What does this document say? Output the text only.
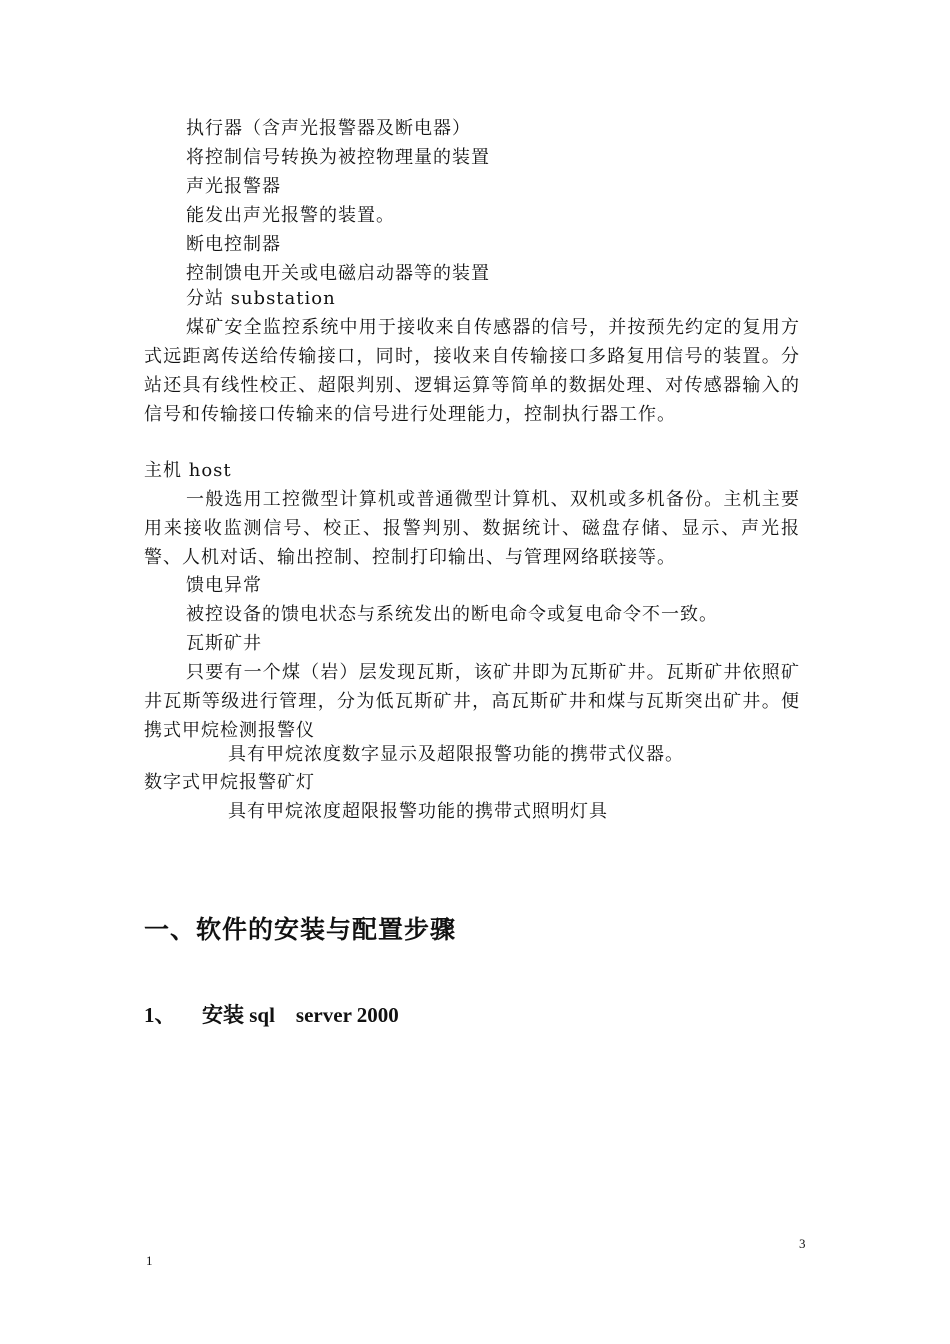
执行器（含声光报警器及断电器）

将控制信号转换为被控物理量的装置

声光报警器

能发出声光报警的装置。

断电控制器

控制馈电开关或电磁启动器等的装置

分站 substation

煤矿安全监控系统中用于接收来自传感器的信号，并按预先约定的复用方式远距离传送给传输接口，同时，接收来自传输接口多路复用信号的装置。分站还具有线性校正、超限判别、逻辑运算等简单的数据处理、对传感器输入的信号和传输接口传输来的信号进行处理能力，控制执行器工作。

主机 host

一般选用工控微型计算机或普通微型计算机、双机或多机备份。主机主要用来接收监测信号、校正、报警判别、数据统计、磁盘存储、显示、声光报警、人机对话、输出控制、控制打印输出、与管理网络联接等。

馈电异常

被控设备的馈电状态与系统发出的断电命令或复电命令不一致。

瓦斯矿井

只要有一个煤（岩）层发现瓦斯，该矿井即为瓦斯矿井。瓦斯矿井依照矿井瓦斯等级进行管理，分为低瓦斯矿井，高瓦斯矿井和煤与瓦斯突出矿井。便携式甲烷检测报警仪

具有甲烷浓度数字显示及超限报警功能的携带式仪器。

数字式甲烷报警矿灯

具有甲烷浓度超限报警功能的携带式照明灯具

一、软件的安装与配置步骤
1、 安装 sql　server 2000

3

1
